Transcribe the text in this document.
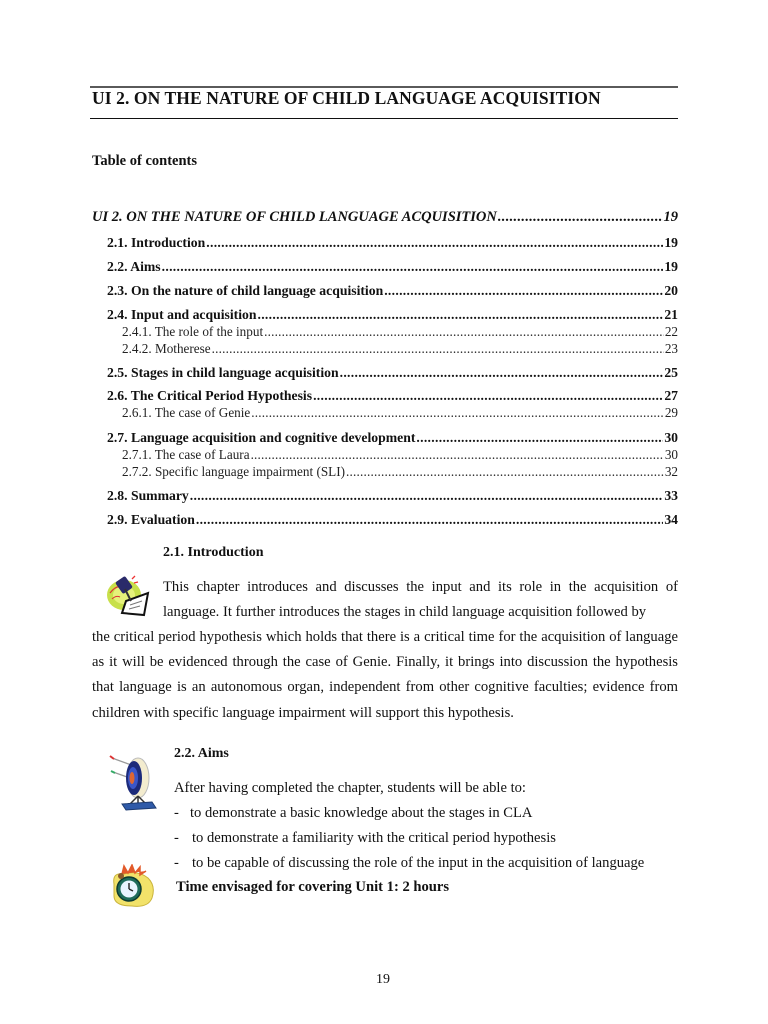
UI 2. ON THE NATURE OF CHILD LANGUAGE ACQUISITION
Table of contents
UI 2. ON THE NATURE OF CHILD LANGUAGE ACQUISITION .....	19
2.1. Introduction .....	19
2.2. Aims .....	19
2.3. On the nature of child language acquisition .....	20
2.4. Input and acquisition .....	21
2.4.1. The role of the input .....	22
2.4.2. Motherese .....	23
2.5. Stages in child language acquisition .....	25
2.6. The Critical Period Hypothesis .....	27
2.6.1. The case of Genie .....	29
2.7. Language acquisition and cognitive development .....	30
2.7.1. The case of Laura .....	30
2.7.2. Specific language impairment (SLI) .....	32
2.8. Summary .....	33
2.9. Evaluation .....	34
2.1. Introduction
This chapter introduces and discusses the input and its role in the acquisition of language. It further introduces the stages in child language acquisition followed by
the critical period hypothesis which holds that there is a critical time for the acquisition of language as it will be evidenced through the case of Genie. Finally, it brings into discussion the hypothesis that language is an autonomous organ, independent from other cognitive faculties; evidence from children with specific language impairment will support this hypothesis.
2.2. Aims
After having completed the chapter, students will be able to:
- to demonstrate a basic knowledge about the stages in CLA
- to demonstrate a familiarity with the critical period hypothesis
- to be capable of discussing the role of the input in the acquisition of language
Time envisaged for covering Unit 1: 2 hours
19
